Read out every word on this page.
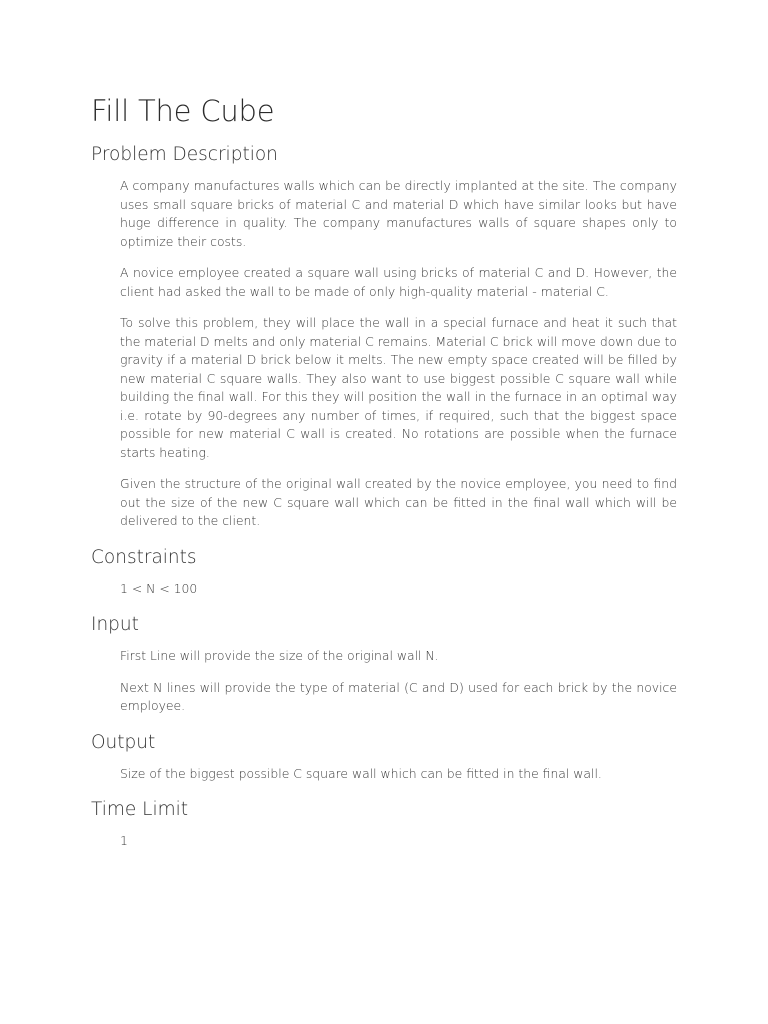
Fill The Cube
Problem Description

A company manufactures walls which can be directly implanted at the site. The company uses small square bricks of material C and material D which have similar looks but have huge difference in quality. The company manufactures walls of square shapes only to optimize their costs.

A novice employee created a square wall using bricks of material C and D. However, the client had asked the wall to be made of only high-quality material - material C.

To solve this problem, they will place the wall in a special furnace and heat it such that the material D melts and only material C remains. Material C brick will move down due to gravity if a material D brick below it melts. The new empty space created will be filled by new material C square walls. They also want to use biggest possible C square wall while building the final wall. For this they will position the wall in the furnace in an optimal way i.e. rotate by 90-degrees any number of times, if required, such that the biggest space possible for new material C wall is created. No rotations are possible when the furnace starts heating.

Given the structure of the original wall created by the novice employee, you need to find out the size of the new C square wall which can be fitted in the final wall which will be delivered to the client.

Constraints

1 < N < 100

Input

First Line will provide the size of the original wall N.

Next N lines will provide the type of material (C and D) used for each brick by the novice employee.

Output

Size of the biggest possible C square wall which can be fitted in the final wall.

Time Limit

1
